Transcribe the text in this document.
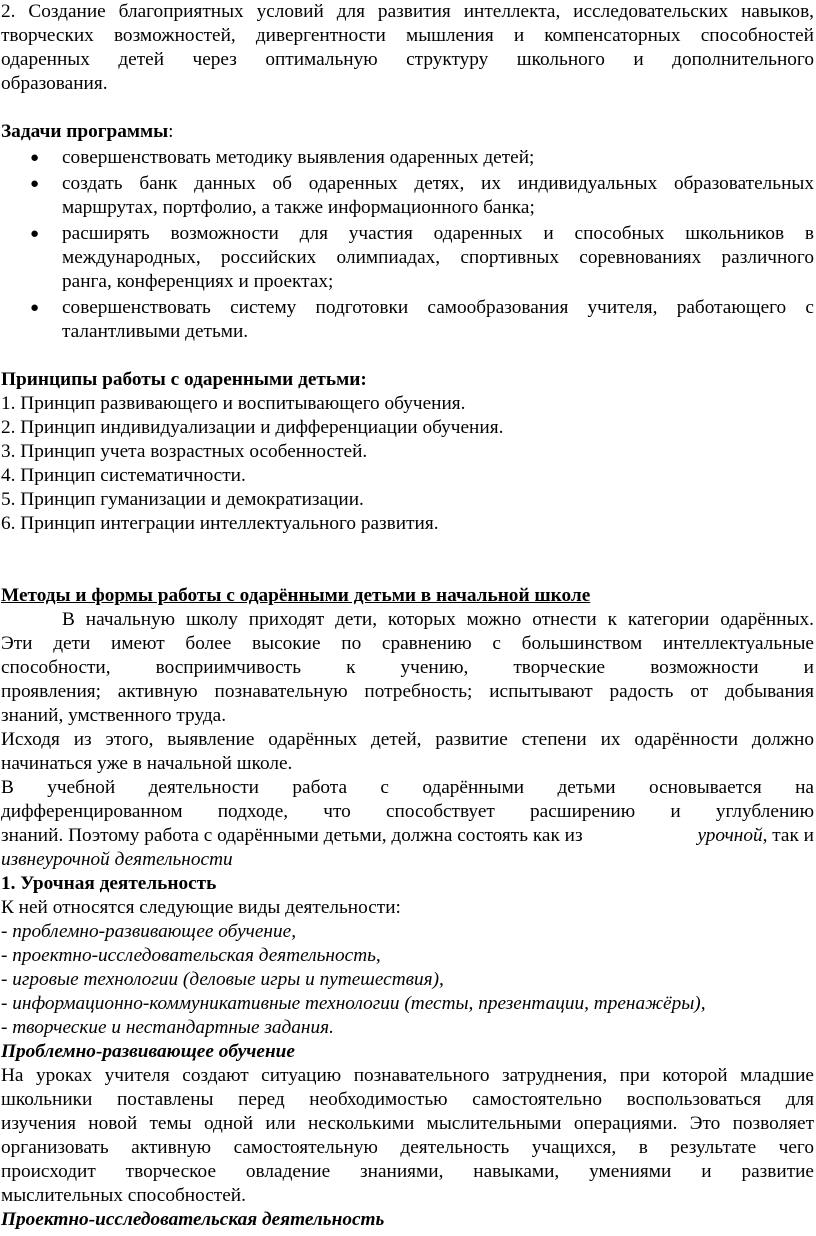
2. Создание благоприятных условий для развития интеллекта, исследовательских навыков,
творческих возможностей, дивергентности мышления и компенсаторных способностей
одаренных детей через оптимальную структуру школьного и дополнительного
образования.
Задачи программы:
● совершенствовать методику выявления одаренных детей;
● создать банк данных об одаренных детях, их индивидуальных образовательных
маршрутах, портфолио, а также информационного банка;
● расширять возможности для участия одаренных и способных школьников в
международных, российских олимпиадах, спортивных соревнованиях различного
ранга, конференциях и проектах;
● совершенствовать систему подготовки самообразования учителя, работающего с
талантливыми детьми.
Принципы работы с одаренными детьми:
1. Принцип развивающего и воспитывающего обучения.
2. Принцип индивидуализации и дифференциации обучения.
3. Принцип учета возрастных особенностей.
4. Принцип систематичности.
5. Принцип гуманизации и демократизации.
6. Принцип интеграции интеллектуального развития.
Методы и формы работы с одарёнными детьми в начальной школе
В начальную школу приходят дети, которых можно отнести к категории одарённых.
Эти дети имеют более высокие по сравнению с большинством интеллектуальные
способности, восприимчивость к учению, творческие возможности и
проявления; активную познавательную потребность; испытывают радость от добывания
знаний, умственного труда.
Исходя из этого, выявление одарённых детей, развитие степени их одарённости должно
начинаться уже в начальной школе.
В учебной деятельности работа с одарёнными детьми основывается на
дифференцированном подходе, что способствует расширению и углублению
знаний. Поэтому работа с одарёнными детьми, должна состоять как из	урочной, так и
извнеурочной деятельности
1. Урочная деятельность
К ней относятся следующие виды деятельности:
- проблемно-развивающее обучение,
- проектно-исследовательская деятельность,
- игровые технологии (деловые игры и путешествия),
- информационно-коммуникативные технологии (тесты, презентации, тренажёры),
- творческие и нестандартные задания.
Проблемно-развивающее обучение
На уроках учителя создают ситуацию познавательного затруднения, при которой младшие
школьники поставлены перед необходимостью самостоятельно воспользоваться для
изучения новой темы одной или несколькими мыслительными операциями. Это позволяет
организовать активную самостоятельную деятельность учащихся, в результате чего
происходит творческое овладение знаниями, навыками, умениями и развитие
мыслительных способностей.
Проектно-исследовательская деятельность
